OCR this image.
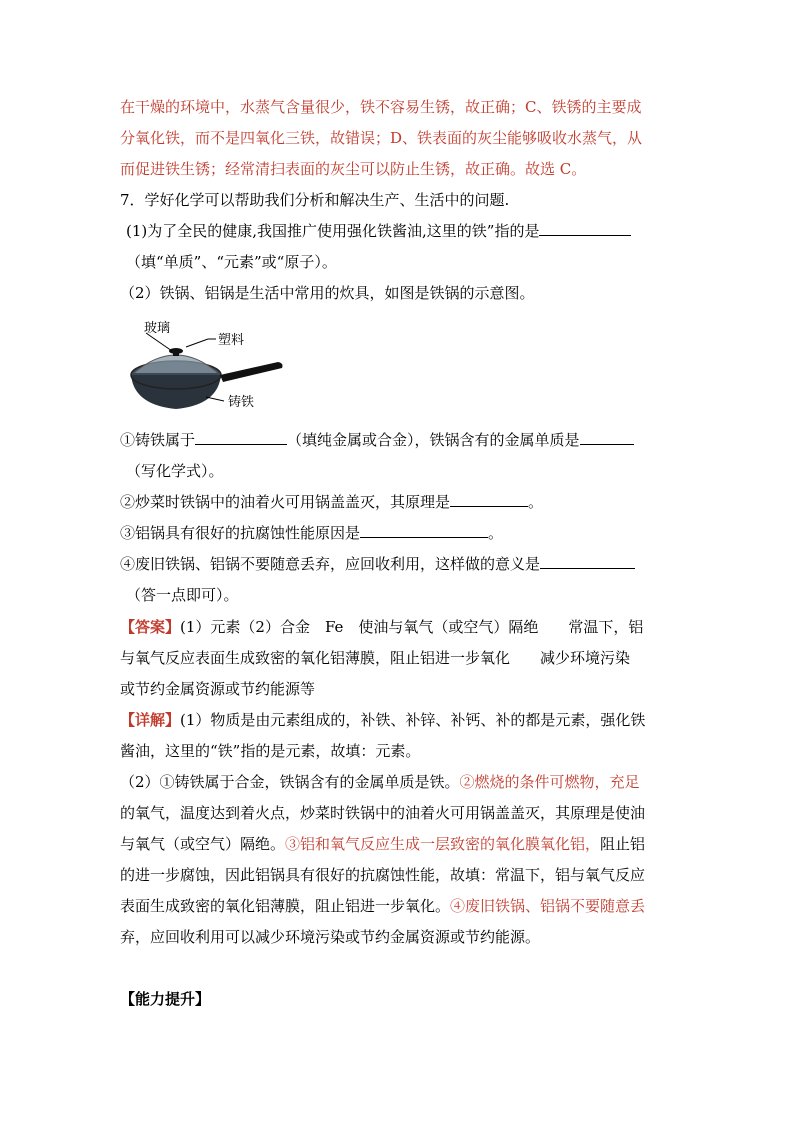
在干燥的环境中，水蒸气含量很少，铁不容易生锈，故正确；C、铁锈的主要成
分氧化铁，而不是四氧化三铁，故错误；D、铁表面的灰尘能够吸收水蒸气，从
而促进铁生锈；经常清扫表面的灰尘可以防止生锈，故正确。故选 C。
7．学好化学可以帮助我们分析和解决生产、生活中的问题.
(1)为了全民的健康,我国推广使用强化铁酱油,这里的铁”指的是
（填“单质”、“元素”或“原子）。
（2）铁锅、铝锅是生活中常用的炊具，如图是铁锅的示意图。
玻璃
塑料
铸铁
①铸铁属于	（填纯金属或合金），铁锅含有的金属单质是
（写化学式）。
②炒菜时铁锅中的油着火可用锅盖盖灭，其原理是	。
③铝锅具有很好的抗腐蚀性能原因是	。
④废旧铁锅、铝锅不要随意丢弃，应回收利用，这样做的意义是
（答一点即可）。
【答案】(1）元素（2）合金　Fe　使油与氧气（或空气）隔绝　　常温下，铝
与氧气反应表面生成致密的氧化铝薄膜，阻止铝进一步氧化　　减少环境污染
或节约金属资源或节约能源等
【详解】(1）物质是由元素组成的，补铁、补锌、补钙、补的都是元素，强化铁
酱油，这里的“铁”指的是元素，故填：元素。
（2）①铸铁属于合金，铁锅含有的金属单质是铁。②燃烧的条件可燃物，充足
的氧气，温度达到着火点，炒菜时铁锅中的油着火可用锅盖盖灭，其原理是使油
与氧气（或空气）隔绝。③铝和氧气反应生成一层致密的氧化膜氧化铝，阻止铝
的进一步腐蚀，因此铝锅具有很好的抗腐蚀性能，故填：常温下，铝与氧气反应
表面生成致密的氧化铝薄膜，阻止铝进一步氧化。④废旧铁锅、铝锅不要随意丢
弃，应回收利用可以减少环境污染或节约金属资源或节约能源。
【能力提升】
